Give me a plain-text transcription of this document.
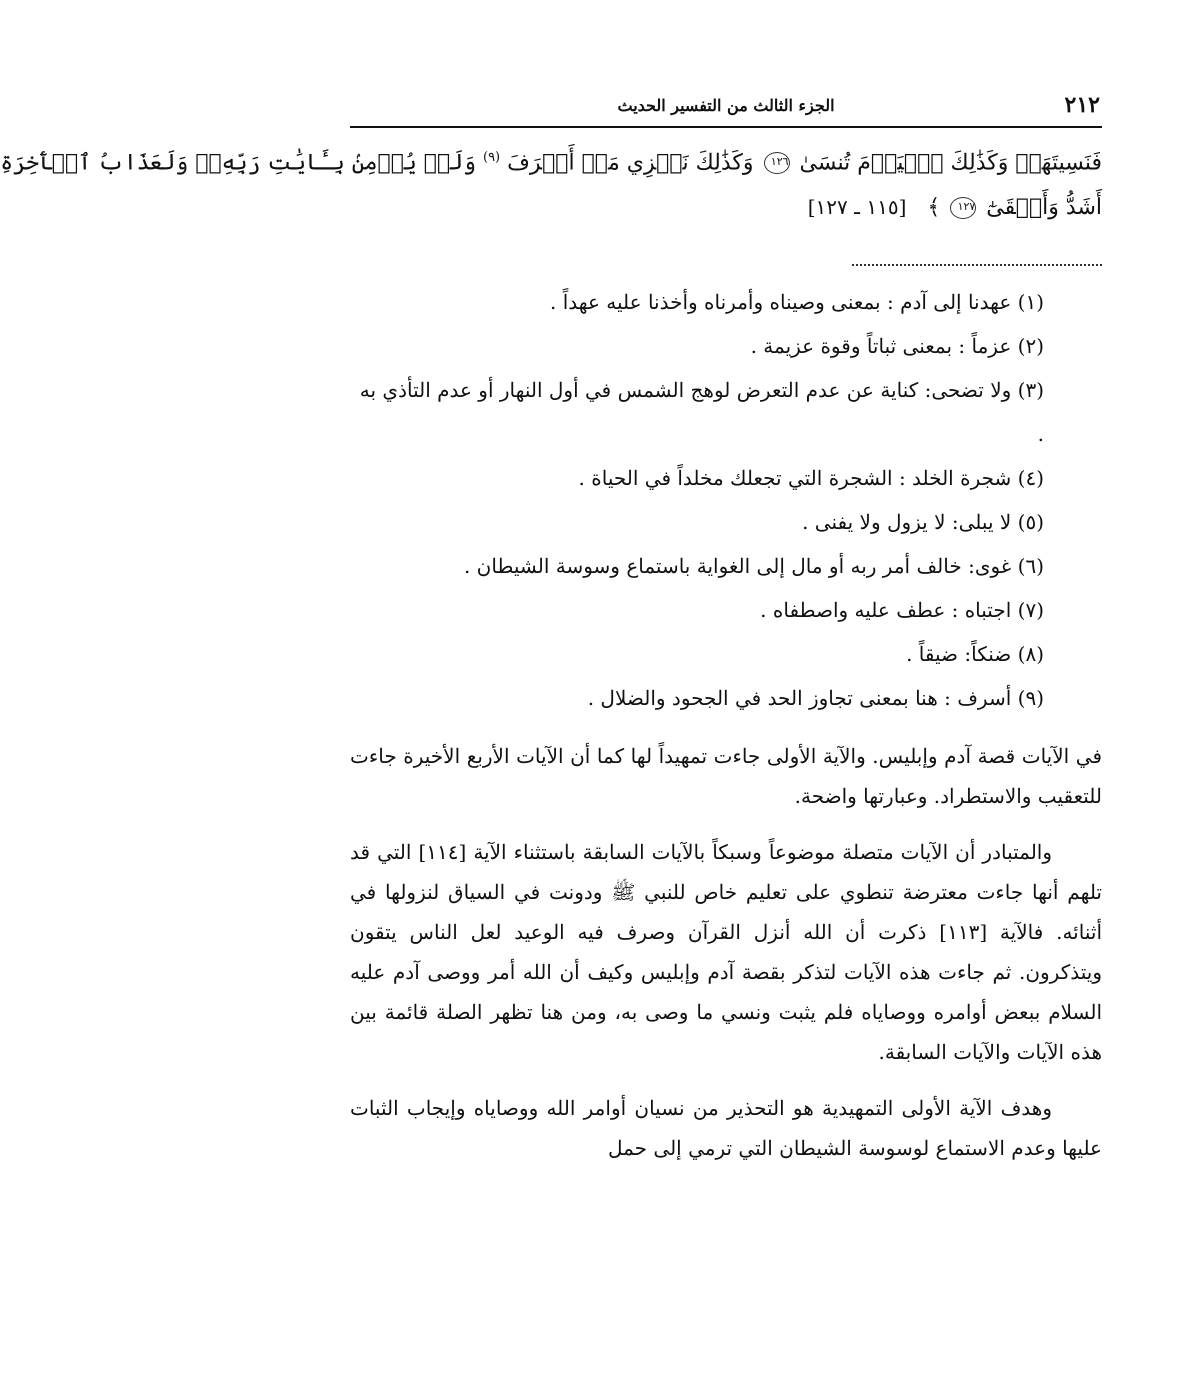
٢١٢
الجزء الثالث من التفسير الحديث
فَنَسِيتَهَاۖ وَكَذَٰلِكَ ٱلۡيَوۡمَ تُنسَىٰ ١٢٦ وَكَذَٰلِكَ نَجۡزِي مَنۡ أَسۡرَفَ $^{(٩)}$ وَلَمۡ يُؤۡمِنۢ بِـَٔايَٰتِ رَبِّهِۦۚ وَلَعَذَابُ ٱلۡأٓخِرَةِ
أَشَدُّ وَأَبۡقَىٰٓ ١٢٧ ﴾ [١١٥ ـ ١٢٧]
(١) عهدنا إلى آدم : بمعنى وصيناه وأمرناه وأخذنا عليه عهداً .
(٢) عزماً : بمعنى ثباتاً وقوة عزيمة .
(٣) ولا تضحى: كناية عن عدم التعرض لوهج الشمس في أول النهار أو عدم التأذي به .
(٤) شجرة الخلد : الشجرة التي تجعلك مخلداً في الحياة .
(٥) لا يبلى: لا يزول ولا يفنى .
(٦) غوى: خالف أمر ربه أو مال إلى الغواية باستماع وسوسة الشيطان .
(٧) اجتباه : عطف عليه واصطفاه .
(٨) ضنكاً: ضيقاً .
(٩) أسرف : هنا بمعنى تجاوز الحد في الجحود والضلال .

في الآيات قصة آدم وإبليس. والآية الأولى جاءت تمهيداً لها كما أن الآيات الأربع الأخيرة جاءت للتعقيب والاستطراد. وعبارتها واضحة.

والمتبادر أن الآيات متصلة موضوعاً وسبكاً بالآيات السابقة باستثناء الآية [١١٤] التي قد تلهم أنها جاءت معترضة تنطوي على تعليم خاص للنبي ﷺ ودونت في السياق لنزولها في أثنائه. فالآية [١١٣] ذكرت أن الله أنزل القرآن وصرف فيه الوعيد لعل الناس يتقون ويتذكرون. ثم جاءت هذه الآيات لتذكر بقصة آدم وإبليس وكيف أن الله أمر ووصى آدم عليه السلام ببعض أوامره ووصاياه فلم يثبت ونسي ما وصى به، ومن هنا تظهر الصلة قائمة بين هذه الآيات والآيات السابقة.

وهدف الآية الأولى التمهيدية هو التحذير من نسيان أوامر الله ووصاياه وإيجاب الثبات عليها وعدم الاستماع لوسوسة الشيطان التي ترمي إلى حمل
